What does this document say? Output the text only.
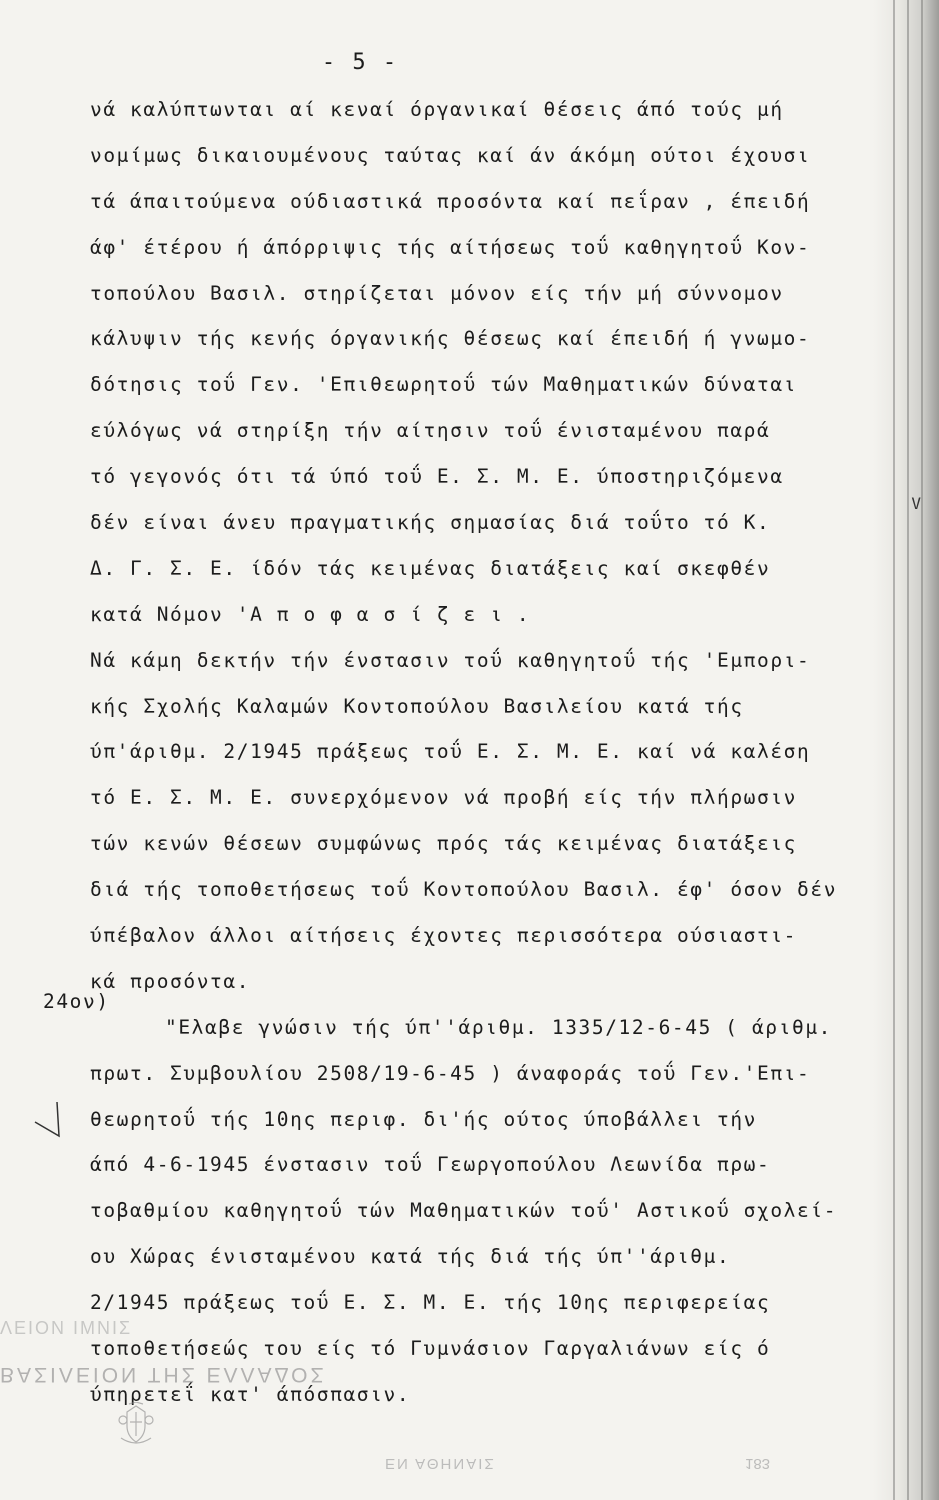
- 5 -
νά καλύπτωνται αί κεναί όργανικαί θέσεις άπό τούς μή
νομίμως δικαιουμένους ταύτας καί άν άκόμη ούτοι έχουσι
τά άπαιτούμενα ούδιαστικά προσόντα καί πεΐραν , έπειδή
άφ' έτέρου ή άπόρριψις τής αίτήσεως τοΰ καθηγητοΰ Κον-
τοπούλου Βασιλ. στηρίζεται μόνον είς τήν μή σύννομον
κάλυψιν τής κενής όργανικής θέσεως καί έπειδή ή γνωμο-
δότησις τοΰ Γεν. 'Επιθεωρητοΰ τών Μαθηματικών δύναται
εύλόγως νά στηρίξη τήν αίτησιν τοΰ ένισταμένου παρά
τό γεγονός ότι τά ύπό τοΰ Ε. Σ. Μ. Ε. ύποστηριζόμενα
δέν είναι άνευ πραγματικής σημασίας διά τοΰτο τό Κ.
Δ. Γ. Σ. Ε. ίδόν τάς κειμένας διατάξεις καί σκεφθέν
κατά Νόμον 'Α π ο φ α σ ί ζ ε ι .
Νά κάμη δεκτήν τήν ένστασιν τοΰ καθηγητοΰ τής 'Εμπορι-
κής Σχολής Καλαμών Κοντοπούλου Βασιλείου κατά τής
ύπ'άριθμ. 2/1945 πράξεως τοΰ Ε. Σ. Μ. Ε. καί νά καλέση
τό Ε. Σ. Μ. Ε. συνερχόμενον νά προβή είς τήν πλήρωσιν
τών κενών θέσεων συμφώνως πρός τάς κειμένας διατάξεις
διά τής τοποθετήσεως τοΰ Κοντοπούλου Βασιλ. έφ' όσον δέν
ύπέβαλον άλλοι αίτήσεις έχοντες περισσότερα ούσιαστι-
κά προσόντα.
"Ελαβε γνώσιν τής ύπ''άριθμ. 1335/12-6-45 ( άριθμ.
πρωτ. Συμβουλίου 2508/19-6-45 ) άναφοράς τοΰ Γεν.'Επι-
θεωρητοΰ τής 10ης περιφ. δι'ής ούτος ύποβάλλει τήν
άπό 4-6-1945 ένστασιν τοΰ Γεωργοπούλου Λεωνίδα πρω-
τοβαθμίου καθηγητοΰ τών Μαθηματικών τοΰ' Αστικοΰ σχολεί-
ου Χώρας ένισταμένου κατά τής διά τής ύπ''άριθμ.
2/1945 πράξεως τοΰ Ε. Σ. Μ. Ε. τής 10ης περιφερείας
τοποθετήσεώς του είς τό Γυμνάσιον Γαργαλιάνων είς ό
ύπηρετεΐ κατ' άπόσπασιν.
24ον)
ΛΕΙΟΝ ΙΜΝΙΣ
ΒΑΣΙΛΕΙΟΝ ΤΗΣ ΕΛΛΑΔΟΣ
ΕΝ ΑΘΗΝΑΙΣ	183
V
